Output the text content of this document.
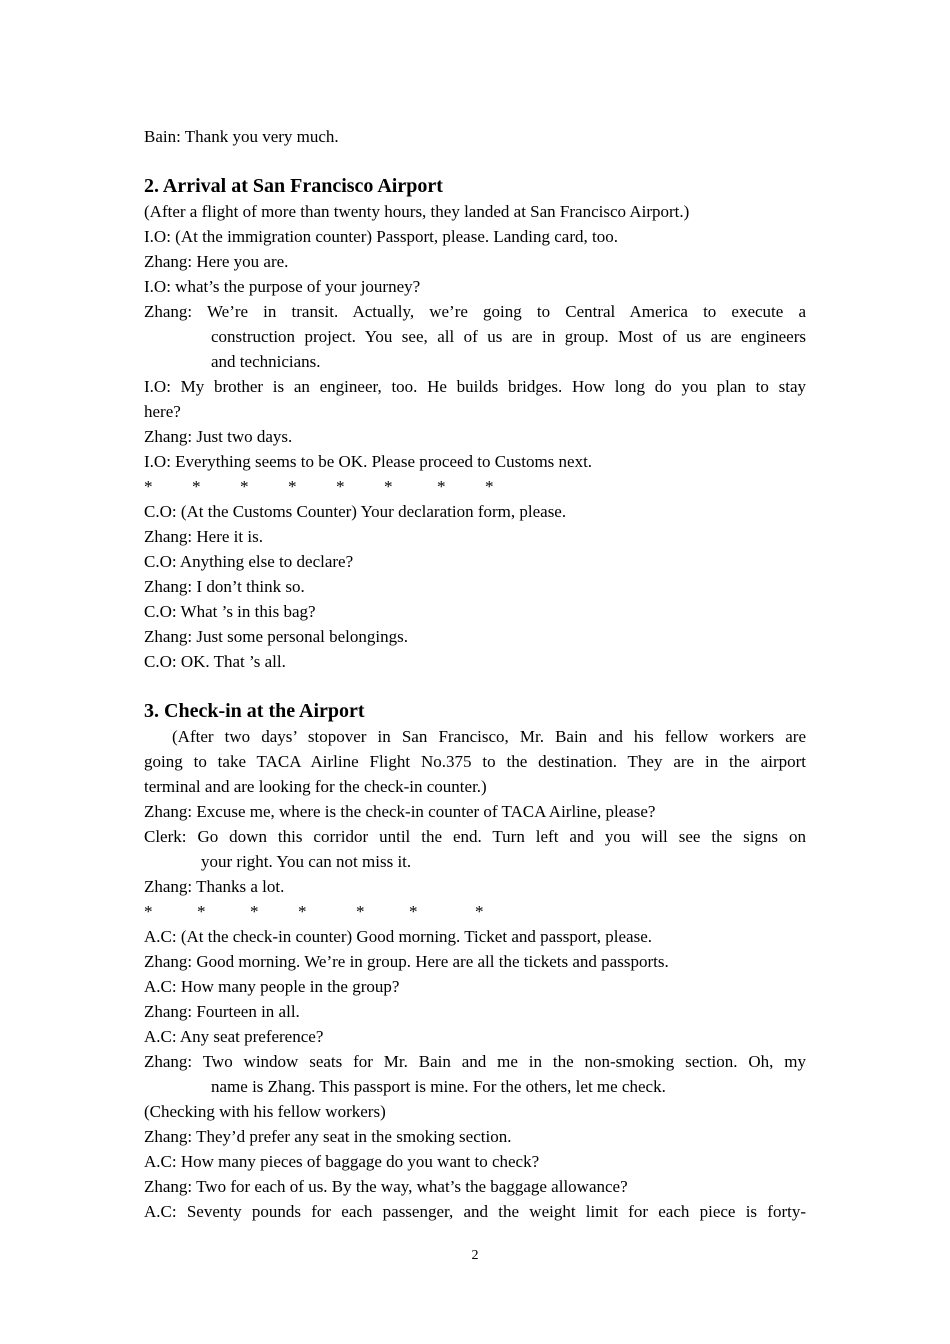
Bain: Thank you very much.
2. Arrival at San Francisco Airport
(After a flight of more than twenty hours, they landed at San Francisco Airport.)
I.O: (At the immigration counter) Passport, please. Landing card, too.
Zhang: Here you are.
I.O: what’s the purpose of your journey?
Zhang: We’re in transit. Actually, we’re going to Central America to execute a
construction project. You see, all of us are in group. Most of us are engineers
and technicians.
I.O: My brother is an engineer, too. He builds bridges. How long do you plan to stay
here?
Zhang: Just two days.
I.O: Everything seems to be OK. Please proceed to Customs next.
* * * * * *	* *
C.O: (At the Customs Counter) Your declaration form, please.
Zhang: Here it is.
C.O: Anything else to declare?
Zhang: I don’t think so.
C.O: What ’s in this bag?
Zhang: Just some personal belongings.
C.O: OK. That ’s all.
3. Check-in at the Airport
(After two days’ stopover in San Francisco, Mr. Bain and his fellow workers are
going to take TACA Airline Flight No.375 to the destination. They are in the airport
terminal and are looking for the check-in counter.)
Zhang: Excuse me, where is the check-in counter of TACA Airline, please?
Clerk: Go down this corridor until the end. Turn left and you will see the signs on
your right. You can not miss it.
Zhang: Thanks a lot.
*	*	* *	*	*	*
A.C: (At the check-in counter) Good morning. Ticket and passport, please.
Zhang: Good morning. We’re in group. Here are all the tickets and passports.
A.C: How many people in the group?
Zhang: Fourteen in all.
A.C: Any seat preference?
Zhang: Two window seats for Mr. Bain and me in the non-smoking section. Oh, my
name is Zhang. This passport is mine. For the others, let me check.
(Checking with his fellow workers)
Zhang: They’d prefer any seat in the smoking section.
A.C: How many pieces of baggage do you want to check?
Zhang: Two for each of us. By the way, what’s the baggage allowance?
A.C: Seventy pounds for each passenger, and the weight limit for each piece is forty-
2
